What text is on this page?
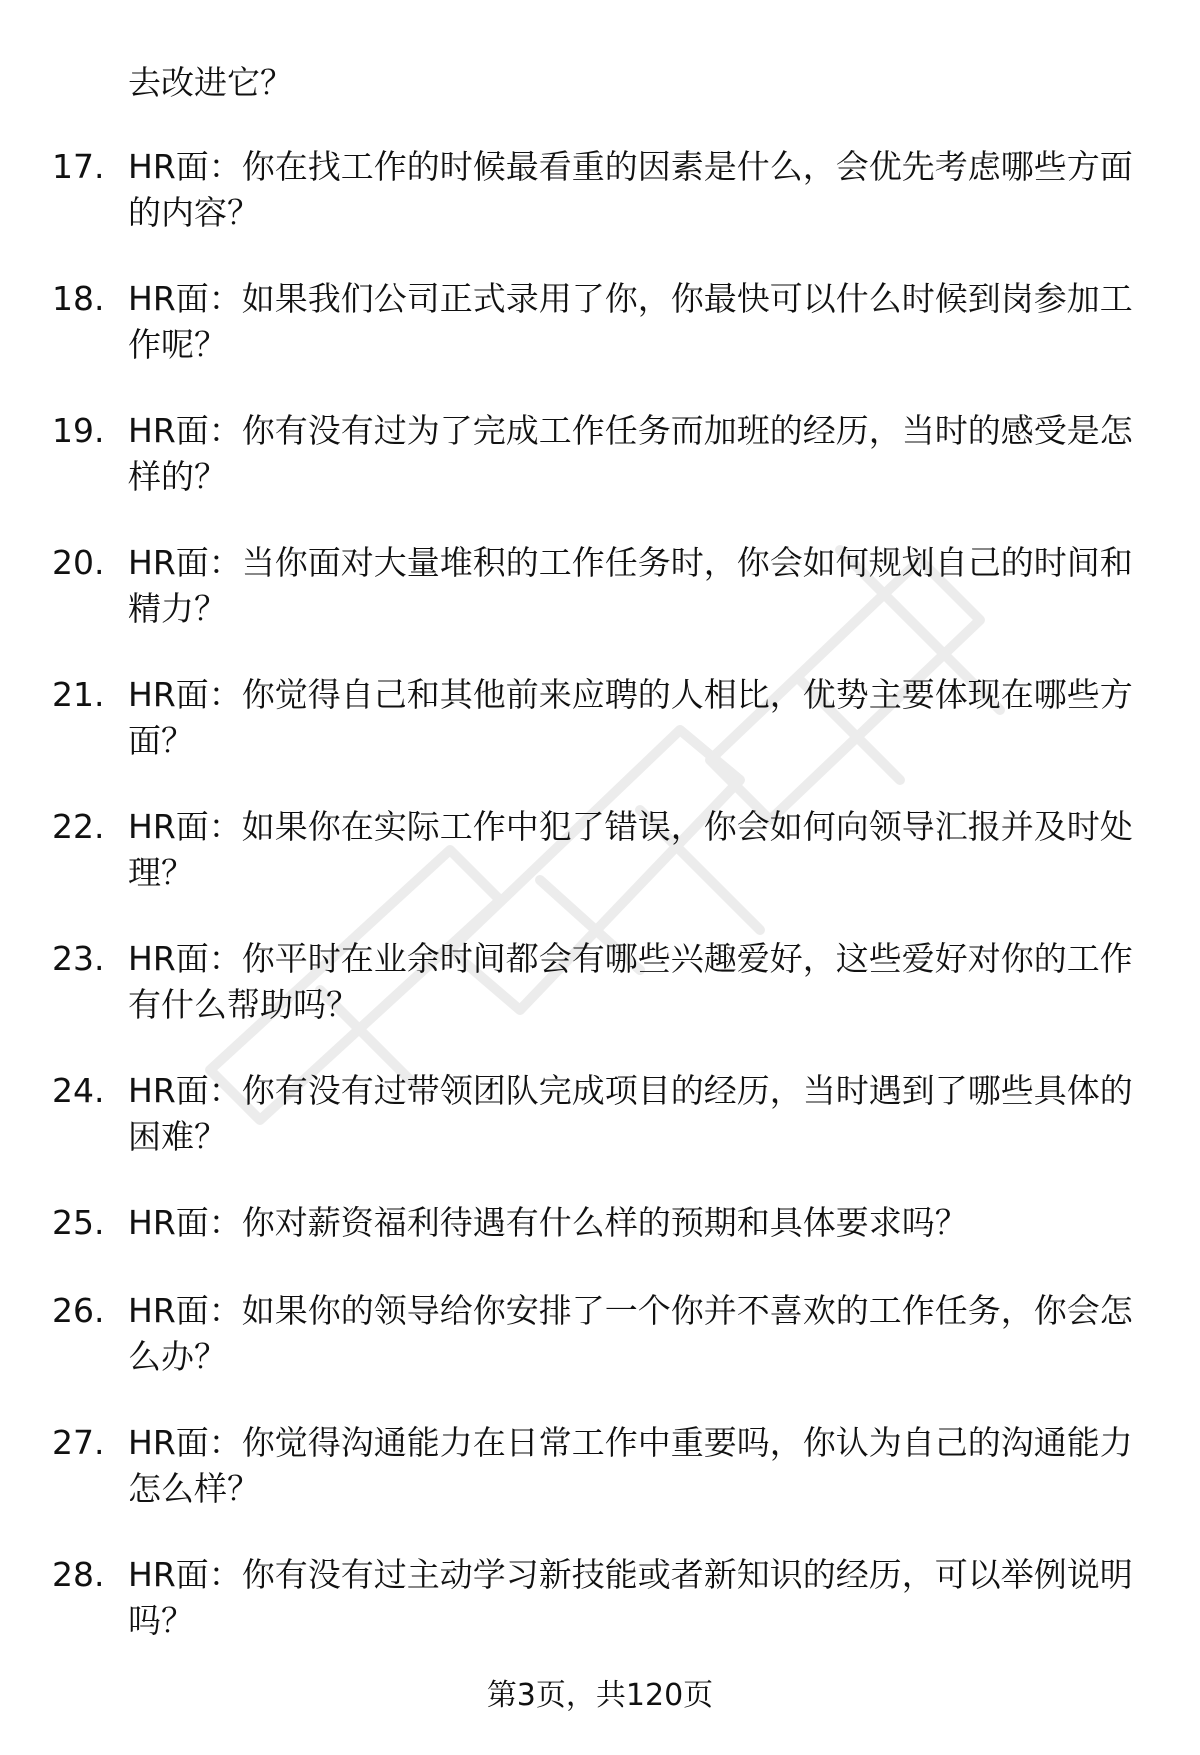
去改进它？

17. HR面：你在找工作的时候最看重的因素是什么，会优先考虑哪些方面的内容？
18. HR面：如果我们公司正式录用了你，你最快可以什么时候到岗参加工作呢？
19. HR面：你有没有过为了完成工作任务而加班的经历，当时的感受是怎样的？
20. HR面：当你面对大量堆积的工作任务时，你会如何规划自己的时间和精力？
21. HR面：你觉得自己和其他前来应聘的人相比，优势主要体现在哪些方面？
22. HR面：如果你在实际工作中犯了错误，你会如何向领导汇报并及时处理？
23. HR面：你平时在业余时间都会有哪些兴趣爱好，这些爱好对你的工作有什么帮助吗？
24. HR面：你有没有过带领团队完成项目的经历，当时遇到了哪些具体的困难？
25. HR面：你对薪资福利待遇有什么样的预期和具体要求吗？
26. HR面：如果你的领导给你安排了一个你并不喜欢的工作任务，你会怎么办？
27. HR面：你觉得沟通能力在日常工作中重要吗，你认为自己的沟通能力怎么样？
28. HR面：你有没有过主动学习新技能或者新知识的经历，可以举例说明吗？
第3页，共120页
